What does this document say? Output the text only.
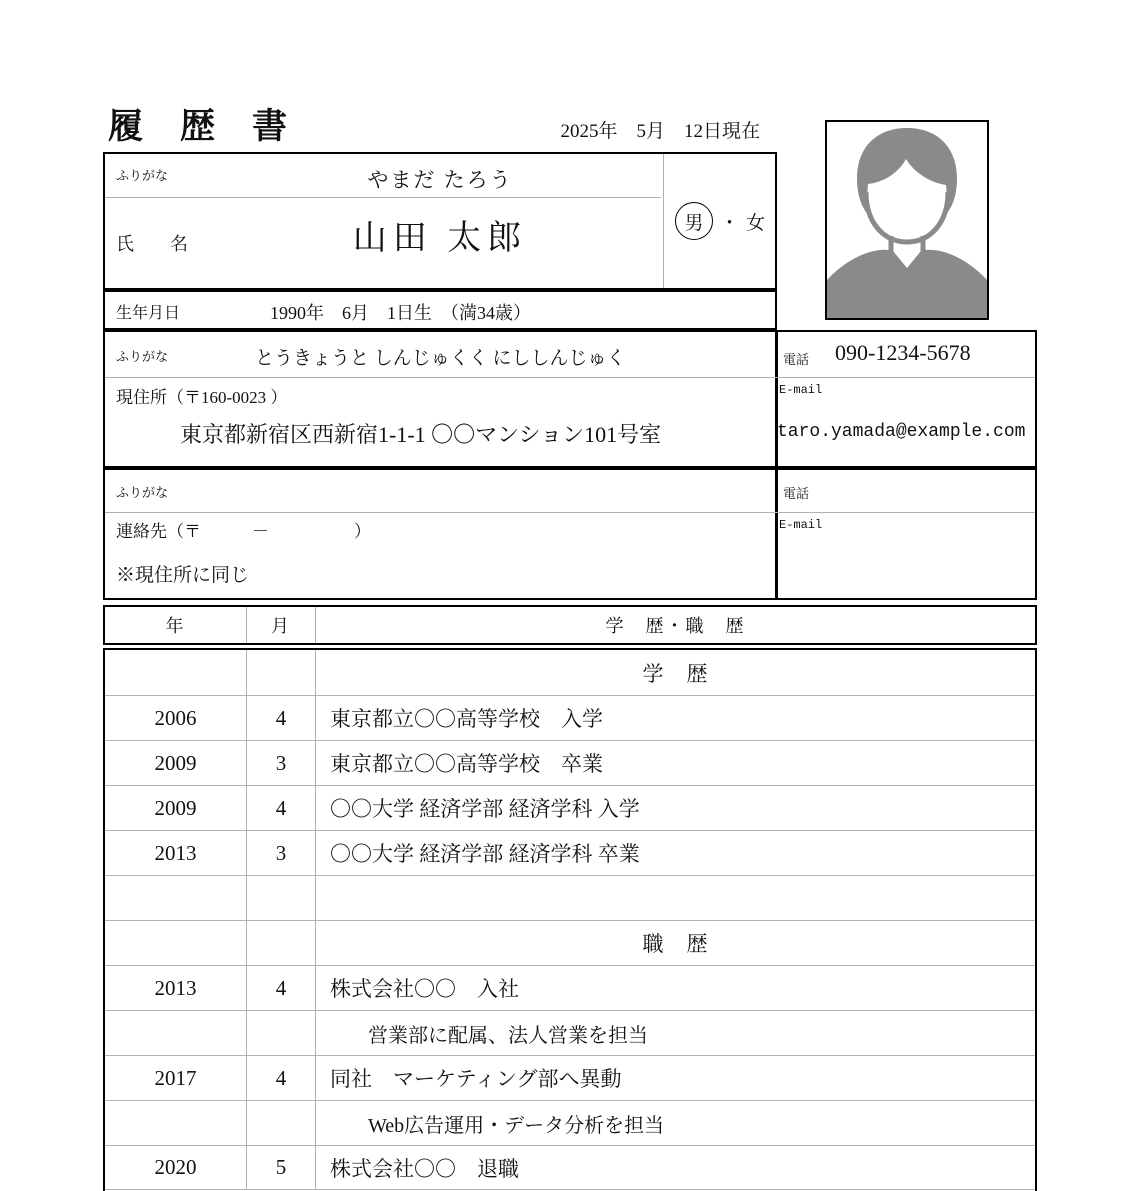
履　歴　書	2025年　5月　12日現在
ふりがな	やまだ たろう
氏　　名	山田 太郎	男 ・ 女
生年月日	1990年　6月　1日生　（満34歳）
ふりがな	とうきょうと しんじゅくく にししんじゅく
現住所（〒160-0023 ）
東京都新宿区西新宿1-1-1 〇〇マンション101号室
電話 090-1234-5678
E-mail
taro.yamada@example.com
ふりがな
連絡先（〒　　　－　　　　　）
※現住所に同じ
電話
E-mail
年	月	学　歴・職　歴
学　歴
2006	4	東京都立〇〇高等学校　入学
2009	3	東京都立〇〇高等学校　卒業
2009	4	〇〇大学 経済学部 経済学科 入学
2013	3	〇〇大学 経済学部 経済学科 卒業
職　歴
2013	4	株式会社〇〇　入社
営業部に配属、法人営業を担当
2017	4	同社　マーケティング部へ異動
Web広告運用・データ分析を担当
2020	5	株式会社〇〇　退職
